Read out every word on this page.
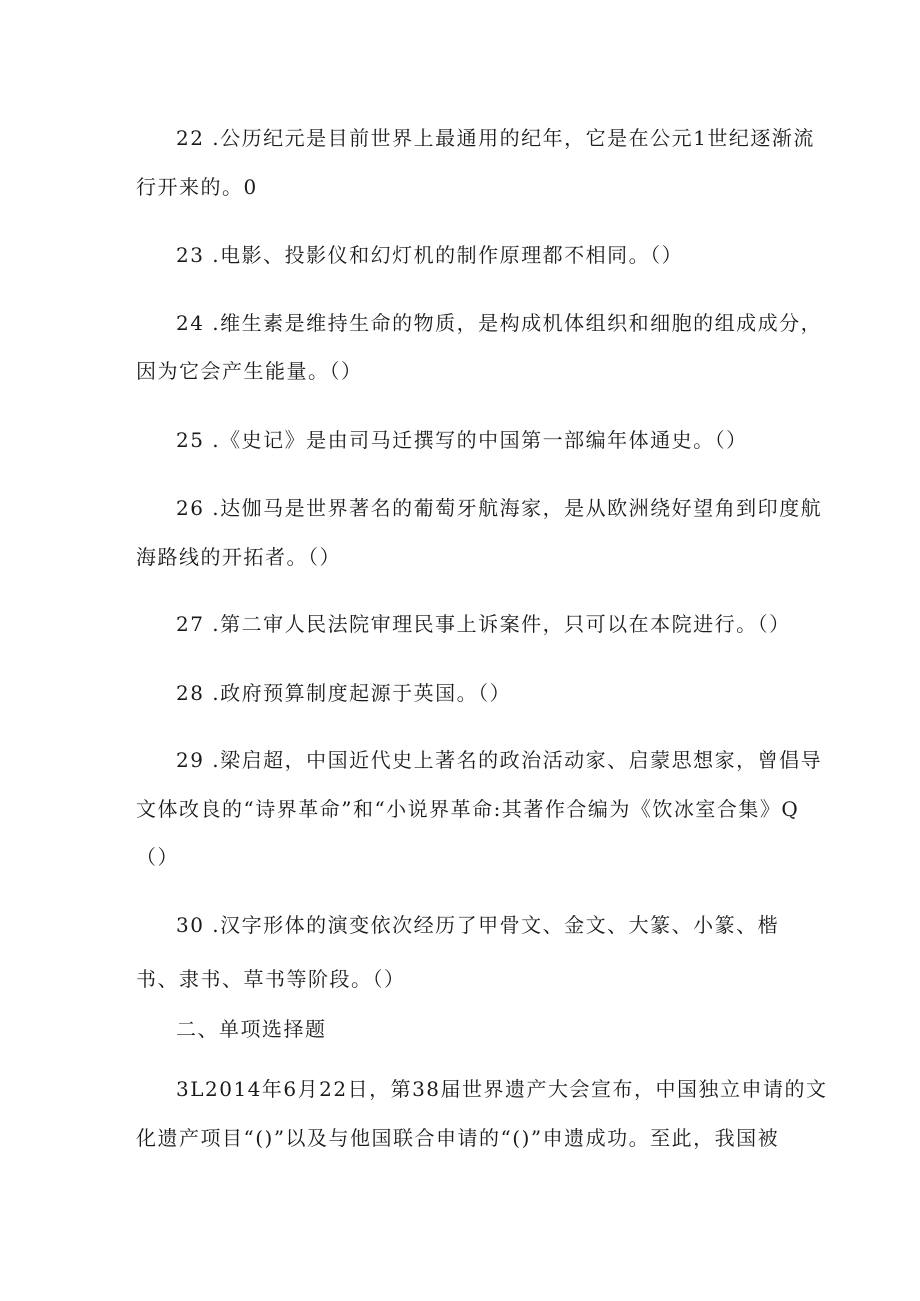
22 .公历纪元是目前世界上最通用的纪年，它是在公元1世纪逐渐流
行开来的。0
23 .电影、投影仪和幻灯机的制作原理都不相同。（）
24 .维生素是维持生命的物质，是构成机体组织和细胞的组成成分，
因为它会产生能量。（）
25 .《史记》是由司马迁撰写的中国第一部编年体通史。（）
26 .达伽马是世界著名的葡萄牙航海家，是从欧洲绕好望角到印度航
海路线的开拓者。（）
27 .第二审人民法院审理民事上诉案件，只可以在本院进行。（）
28 .政府预算制度起源于英国。（）
29 .梁启超，中国近代史上著名的政治活动家、启蒙思想家，曾倡导
文体改良的“诗界革命”和“小说界革命:其著作合编为《饮冰室合集》Q
（）
30 .汉字形体的演变依次经历了甲骨文、金文、大篆、小篆、楷
书、隶书、草书等阶段。（）
二、单项选择题
3L2014年6月22日，第38届世界遗产大会宣布，中国独立申请的文
化遗产项目“()”以及与他国联合申请的“()”申遗成功。至此，我国被
